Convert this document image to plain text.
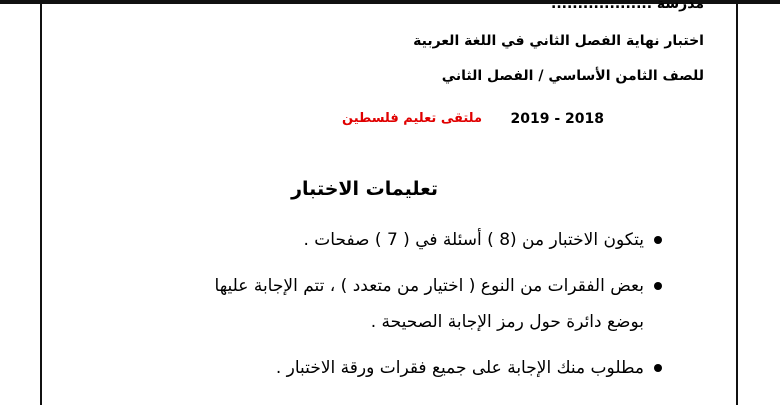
مدرسة ...................
اختبار نهاية الفصل الثاني في اللغة العربية
للصف الثامن الأساسي / الفصل الثاني
2019 - 2018
ملتقى تعليم فلسطين
تعليمات الاختبار
يتكون الاختبار من (8 ) أسئلة في ( 7 ) صفحات .
بعض الفقرات من النوع ( اختيار من متعدد ) ، تتم الإجابة عليها
بوضع دائرة حول رمز الإجابة الصحيحة .
مطلوب منك الإجابة على جميع فقرات ورقة الاختبار .
